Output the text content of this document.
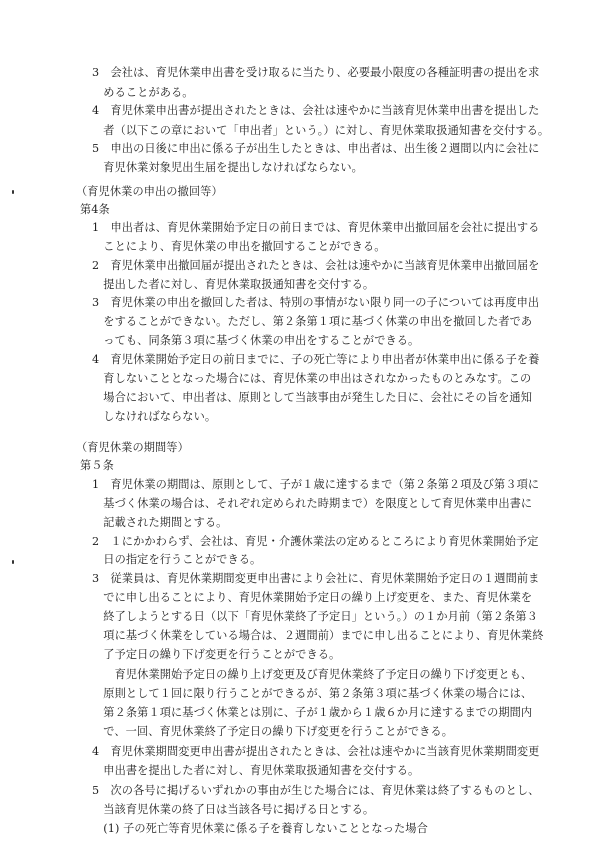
3　会社は、育児休業申出書を受け取るに当たり、必要最小限度の各種証明書の提出を求
　めることがある。
4　育児休業申出書が提出されたときは、会社は速やかに当該育児休業申出書を提出した
　者（以下この章において「申出者」という。）に対し、育児休業取扱通知書を交付する。
5　申出の日後に申出に係る子が出生したときは、申出者は、出生後２週間以内に会社に
　育児休業対象児出生届を提出しなければならない。
（育児休業の申出の撤回等）
第4条
1　申出者は、育児休業開始予定日の前日までは、育児休業申出撤回届を会社に提出する
　ことにより、育児休業の申出を撤回することができる。
2　育児休業申出撤回届が提出されたときは、会社は速やかに当該育児休業申出撤回届を
　提出した者に対し、育児休業取扱通知書を交付する。
3　育児休業の申出を撤回した者は、特別の事情がない限り同一の子については再度申出
　をすることができない。ただし、第２条第１項に基づく休業の申出を撤回した者であ
　っても、同条第３項に基づく休業の申出をすることができる。
4　育児休業開始予定日の前日までに、子の死亡等により申出者が休業申出に係る子を養
　育しないこととなった場合には、育児休業の申出はされなかったものとみなす。この
　場合において、申出者は、原則として当該事由が発生した日に、会社にその旨を通知
　しなければならない。
（育児休業の期間等）
第５条
1　育児休業の期間は、原則として、子が１歳に達するまで（第２条第２項及び第３項に
　基づく休業の場合は、それぞれ定められた時期まで）を限度として育児休業申出書に
　記載された期間とする。
2　１にかかわらず、会社は、育児・介護休業法の定めるところにより育児休業開始予定
　日の指定を行うことができる。
3　従業員は、育児休業期間変更申出書により会社に、育児休業開始予定日の１週間前ま
　でに申し出ることにより、育児休業開始予定日の繰り上げ変更を、また、育児休業を
　終了しようとする日（以下「育児休業終了予定日」という。）の１か月前（第２条第３
　項に基づく休業をしている場合は、２週間前）までに申し出ることにより、育児休業終
　了予定日の繰り下げ変更を行うことができる。
　　育児休業開始予定日の繰り上げ変更及び育児休業終了予定日の繰り下げ変更とも、
　原則として１回に限り行うことができるが、第２条第３項に基づく休業の場合には、
　第２条第１項に基づく休業とは別に、子が１歳から１歳６か月に達するまでの期間内
　で、一回、育児休業終了予定日の繰り下げ変更を行うことができる。
4　育児休業期間変更申出書が提出されたときは、会社は速やかに当該育児休業期間変更
　申出書を提出した者に対し、育児休業取扱通知書を交付する。
5　次の各号に掲げるいずれかの事由が生じた場合には、育児休業は終了するものとし、
　当該育児休業の終了日は当該各号に掲げる日とする。
　(1) 子の死亡等育児休業に係る子を養育しないこととなった場合
